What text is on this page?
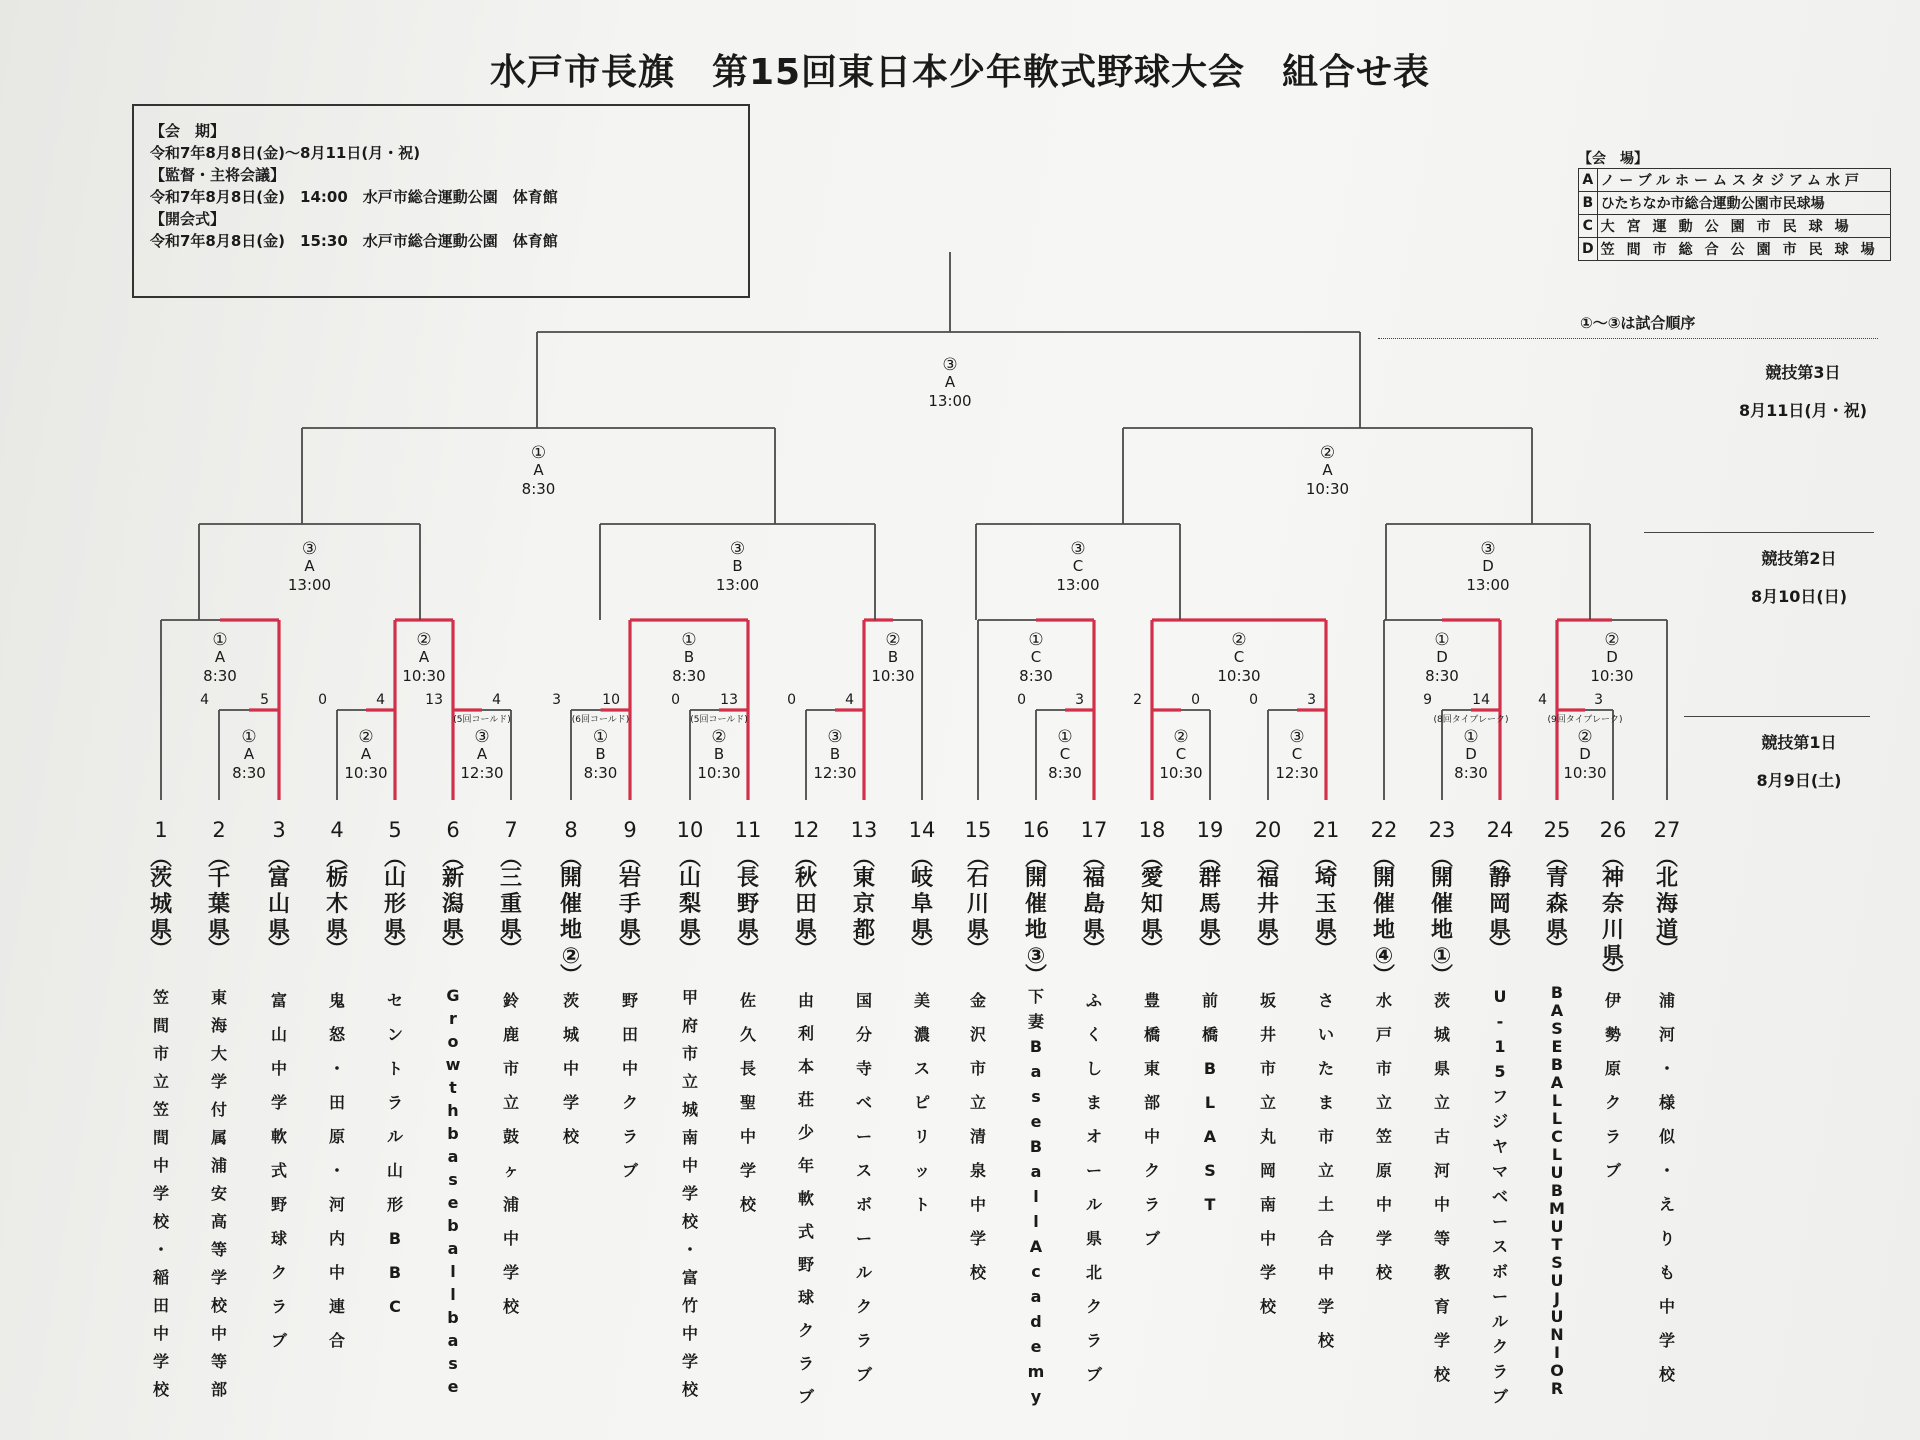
水戸市長旗　第15回東日本少年軟式野球大会　組合せ表
【会　期】
令和7年8月8日(金)〜8月11日(月・祝)
【監督・主将会議】
令和7年8月8日(金)　14:00　水戸市総合運動公園　体育館
【開会式】
令和7年8月8日(金)　15:30　水戸市総合運動公園　体育館
【会　場】
A	ノーブルホームスタジアム水戸
B	ひたちなか市総合運動公園市民球場
C	大宮運動公園市民球場
D	笠間市総合公園市民球場
①〜③は試合順序
競技第3日
8月11日(月・祝)
競技第2日
8月10日(日)
競技第1日
8月9日(土)
4	5
①
A
8:30
0	4
②
A
10:30
13	4
(5回コールド)
③
A
12:30
3	10
(6回コールド)
①
B
8:30
0	13
(5回コールド)
②
B
10:30
0	4
③
B
12:30
0	3
①
C
8:30
2	0
②
C
10:30
0	3
③
C
12:30
9	14
(8回タイブレーク)
①
D
8:30
4	3
(9回タイブレーク)
②
D
10:30
①
A
8:30
②
A
10:30
①
B
8:30
②
B
10:30
①
C
8:30
②
C
10:30
①
D
8:30
②
D
10:30
③
A
13:00
③
B
13:00
③
C
13:00
③
D
13:00
①
A
8:30
②
A
10:30
③
A
13:00
1
︵
茨
城
県
︶
笠
間
市
立
笠
間
中
学
校
・
稲
田
中
学
校
2
︵
千
葉
県
︶
東
海
大
学
付
属
浦
安
高
等
学
校
中
等
部
3
︵
富
山
県
︶
富
山
中
学
軟
式
野
球
ク
ラ
ブ
4
︵
栃
木
県
︶
鬼
怒
・
田
原
・
河
内
中
連
合
5
︵
山
形
県
︶
セ
ン
ト
ラ
ル
山
形
B
B
C
6
︵
新
潟
県
︶
G
r
o
w
t
h
b
a
s
e
b
a
l
l
b
a
s
e
7
︵
三
重
県
︶
鈴
鹿
市
立
鼓
ヶ
浦
中
学
校
8
︵
開
催
地
②
︶
茨
城
中
学
校
9
︵
岩
手
県
︶
野
田
中
ク
ラ
ブ
10
︵
山
梨
県
︶
甲
府
市
立
城
南
中
学
校
・
富
竹
中
学
校
11
︵
長
野
県
︶
佐
久
長
聖
中
学
校
12
︵
秋
田
県
︶
由
利
本
荘
少
年
軟
式
野
球
ク
ラ
ブ
13
︵
東
京
都
︶
国
分
寺
ベ
ー
ス
ボ
ー
ル
ク
ラ
ブ
14
︵
岐
阜
県
︶
美
濃
ス
ピ
リ
ッ
ト
15
︵
石
川
県
︶
金
沢
市
立
清
泉
中
学
校
16
︵
開
催
地
③
︶
下
妻
B
a
s
e
B
a
l
l
A
c
a
d
e
m
y
17
︵
福
島
県
︶
ふ
く
し
ま
オ
ー
ル
県
北
ク
ラ
ブ
18
︵
愛
知
県
︶
豊
橋
東
部
中
ク
ラ
ブ
19
︵
群
馬
県
︶
前
橋
B
L
A
S
T
20
︵
福
井
県
︶
坂
井
市
立
丸
岡
南
中
学
校
21
︵
埼
玉
県
︶
さ
い
た
ま
市
立
土
合
中
学
校
22
︵
開
催
地
④
︶
水
戸
市
立
笠
原
中
学
校
23
︵
開
催
地
①
︶
茨
城
県
立
古
河
中
等
教
育
学
校
24
︵
静
岡
県
︶
U
-
1
5
フ
ジ
ヤ
マ
ベ
ー
ス
ボ
ー
ル
ク
ラ
ブ
25
︵
青
森
県
︶
B
A
S
E
B
A
L
L
C
L
U
B
M
U
T
S
U
J
U
N
I
O
R
26
︵
神
奈
川
県
︶
伊
勢
原
ク
ラ
ブ
27
︵
北
海
道
︶
浦
河
・
様
似
・
え
り
も
中
学
校
